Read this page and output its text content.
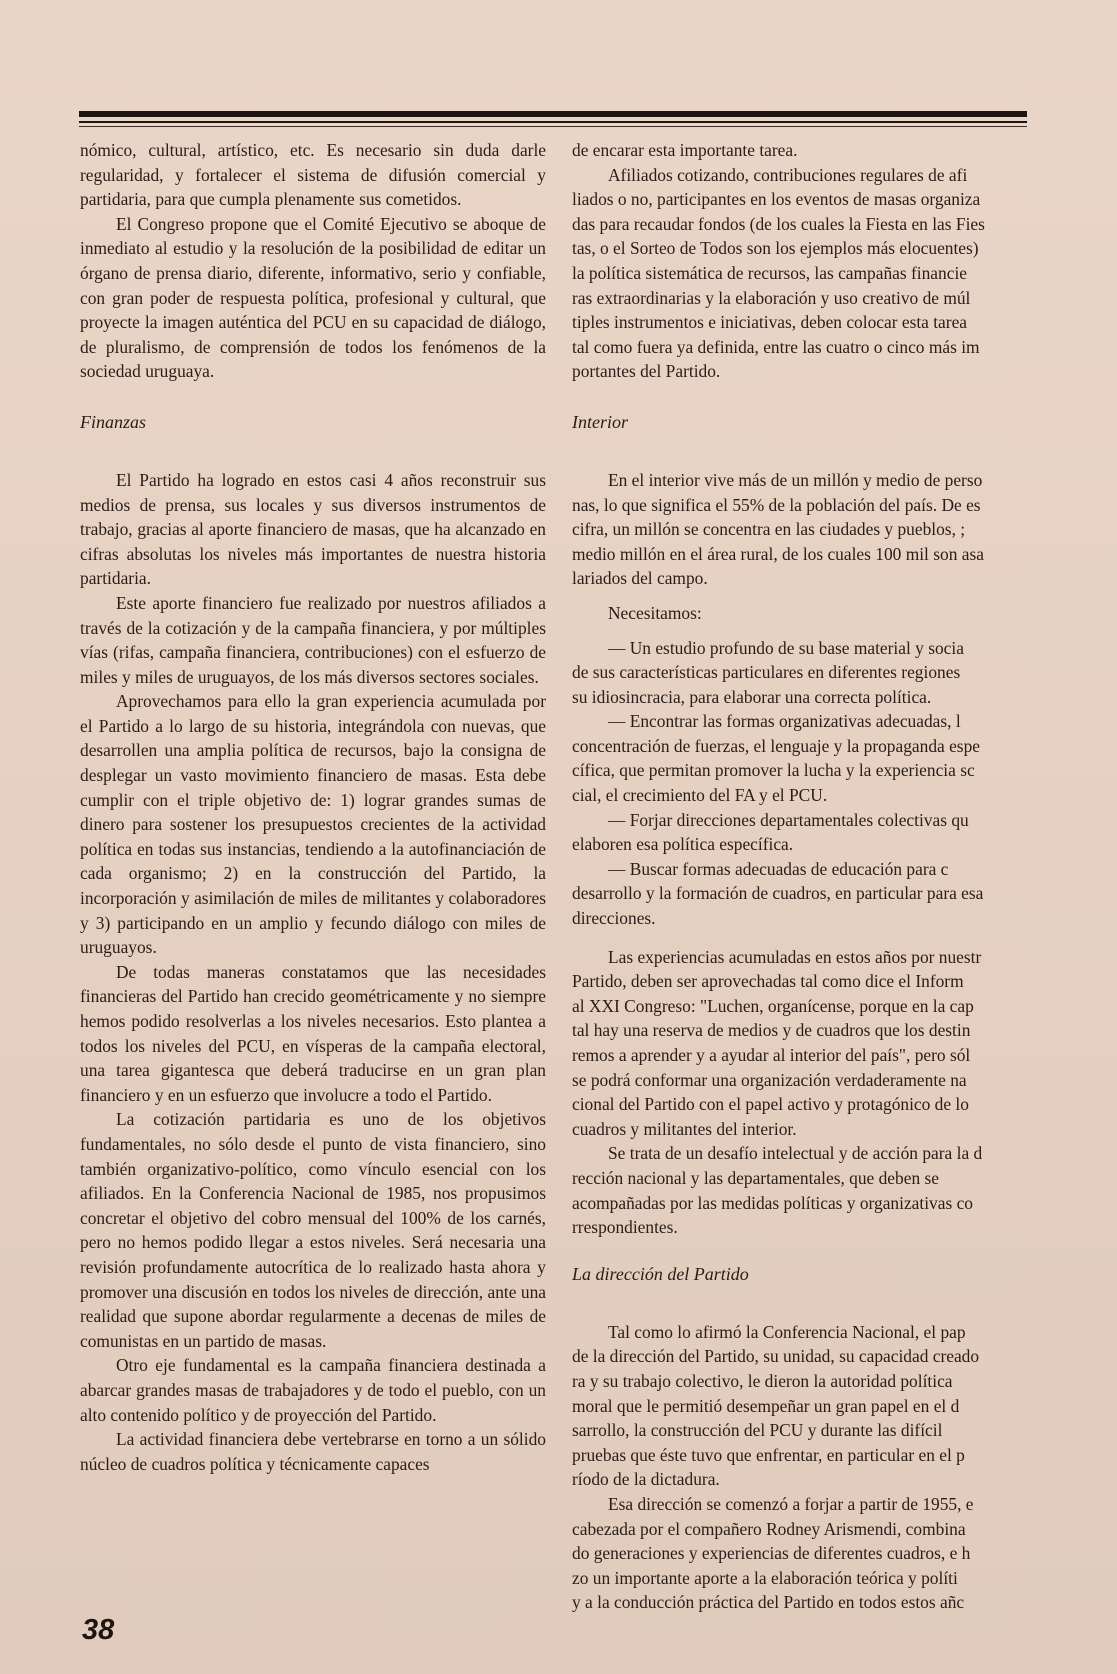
nómico, cultural, artístico, etc. Es necesario sin duda darle regularidad, y fortalecer el sistema de difusión comercial y partidaria, para que cumpla plenamente sus cometidos.

El Congreso propone que el Comité Ejecutivo se aboque de inmediato al estudio y la resolución de la posibilidad de editar un órgano de prensa diario, diferente, informativo, serio y confiable, con gran poder de respuesta política, profesional y cultural, que proyecte la imagen auténtica del PCU en su capacidad de diálogo, de pluralismo, de comprensión de todos los fenómenos de la sociedad uruguaya.

Finanzas

El Partido ha logrado en estos casi 4 años reconstruir sus medios de prensa, sus locales y sus diversos instrumentos de trabajo, gracias al aporte financiero de masas, que ha alcanzado en cifras absolutas los niveles más importantes de nuestra historia partidaria.

Este aporte financiero fue realizado por nuestros afiliados a través de la cotización y de la campaña financiera, y por múltiples vías (rifas, campaña financiera, contribuciones) con el esfuerzo de miles y miles de uruguayos, de los más diversos sectores sociales.

Aprovechamos para ello la gran experiencia acumulada por el Partido a lo largo de su historia, integrándola con nuevas, que desarrollen una amplia política de recursos, bajo la consigna de desplegar un vasto movimiento financiero de masas. Esta debe cumplir con el triple objetivo de: 1) lograr grandes sumas de dinero para sostener los presupuestos crecientes de la actividad política en todas sus instancias, tendiendo a la autofinanciación de cada organismo; 2) en la construcción del Partido, la incorporación y asimilación de miles de militantes y colaboradores y 3) participando en un amplio y fecundo diálogo con miles de uruguayos.

De todas maneras constatamos que las necesidades financieras del Partido han crecido geométricamente y no siempre hemos podido resolverlas a los niveles necesarios. Esto plantea a todos los niveles del PCU, en vísperas de la campaña electoral, una tarea gigantesca que deberá traducirse en un gran plan financiero y en un esfuerzo que involucre a todo el Partido.

La cotización partidaria es uno de los objetivos fundamentales, no sólo desde el punto de vista financiero, sino también organizativo-político, como vínculo esencial con los afiliados. En la Conferencia Nacional de 1985, nos propusimos concretar el objetivo del cobro mensual del 100% de los carnés, pero no hemos podido llegar a estos niveles. Será necesaria una revisión profundamente autocrítica de lo realizado hasta ahora y promover una discusión en todos los niveles de dirección, ante una realidad que supone abordar regularmente a decenas de miles de comunistas en un partido de masas.

Otro eje fundamental es la campaña financiera destinada a abarcar grandes masas de trabajadores y de todo el pueblo, con un alto contenido político y de proyección del Partido.

La actividad financiera debe vertebrarse en torno a un sólido núcleo de cuadros política y técnicamente capaces

de encarar esta importante tarea.

Afiliados cotizando, contribuciones regulares de afi

liados o no, participantes en los eventos de masas organiza

das para recaudar fondos (de los cuales la Fiesta en las Fies

tas, o el Sorteo de Todos son los ejemplos más elocuentes)

la política sistemática de recursos, las campañas financie

ras extraordinarias y la elaboración y uso creativo de múl

tiples instrumentos e iniciativas, deben colocar esta tarea

tal como fuera ya definida, entre las cuatro o cinco más im

portantes del Partido.

Interior

En el interior vive más de un millón y medio de perso

nas, lo que significa el 55% de la población del país. De es

cifra, un millón se concentra en las ciudades y pueblos, ;

medio millón en el área rural, de los cuales 100 mil son asa

lariados del campo.

Necesitamos:

— Un estudio profundo de su base material y socia

de sus características particulares en diferentes regiones

su idiosincracia, para elaborar una correcta política.

— Encontrar las formas organizativas adecuadas, l

concentración de fuerzas, el lenguaje y la propaganda espe

cífica, que permitan promover la lucha y la experiencia sc

cial, el crecimiento del FA y el PCU.

— Forjar direcciones departamentales colectivas qu

elaboren esa política específica.

— Buscar formas adecuadas de educación para c

desarrollo y la formación de cuadros, en particular para esa

direcciones.

Las experiencias acumuladas en estos años por nuestr

Partido, deben ser aprovechadas tal como dice el Inform

al XXI Congreso: "Luchen, organícense, porque en la cap

tal hay una reserva de medios y de cuadros que los destin

remos a aprender y a ayudar al interior del país", pero sól

se podrá conformar una organización verdaderamente na

cional del Partido con el papel activo y protagónico de lo

cuadros y militantes del interior.

Se trata de un desafío intelectual y de acción para la d

rección nacional y las departamentales, que deben se

acompañadas por las medidas políticas y organizativas co

rrespondientes.

La dirección del Partido

Tal como lo afirmó la Conferencia Nacional, el pap

de la dirección del Partido, su unidad, su capacidad creado

ra y su trabajo colectivo, le dieron la autoridad política

moral que le permitió desempeñar un gran papel en el d

sarrollo, la construcción del PCU y durante las difícil

pruebas que éste tuvo que enfrentar, en particular en el p

ríodo de la dictadura.

Esa dirección se comenzó a forjar a partir de 1955, e

cabezada por el compañero Rodney Arismendi, combina

do generaciones y experiencias de diferentes cuadros, e h

zo un importante aporte a la elaboración teórica y políti

y a la conducción práctica del Partido en todos estos añc

38
